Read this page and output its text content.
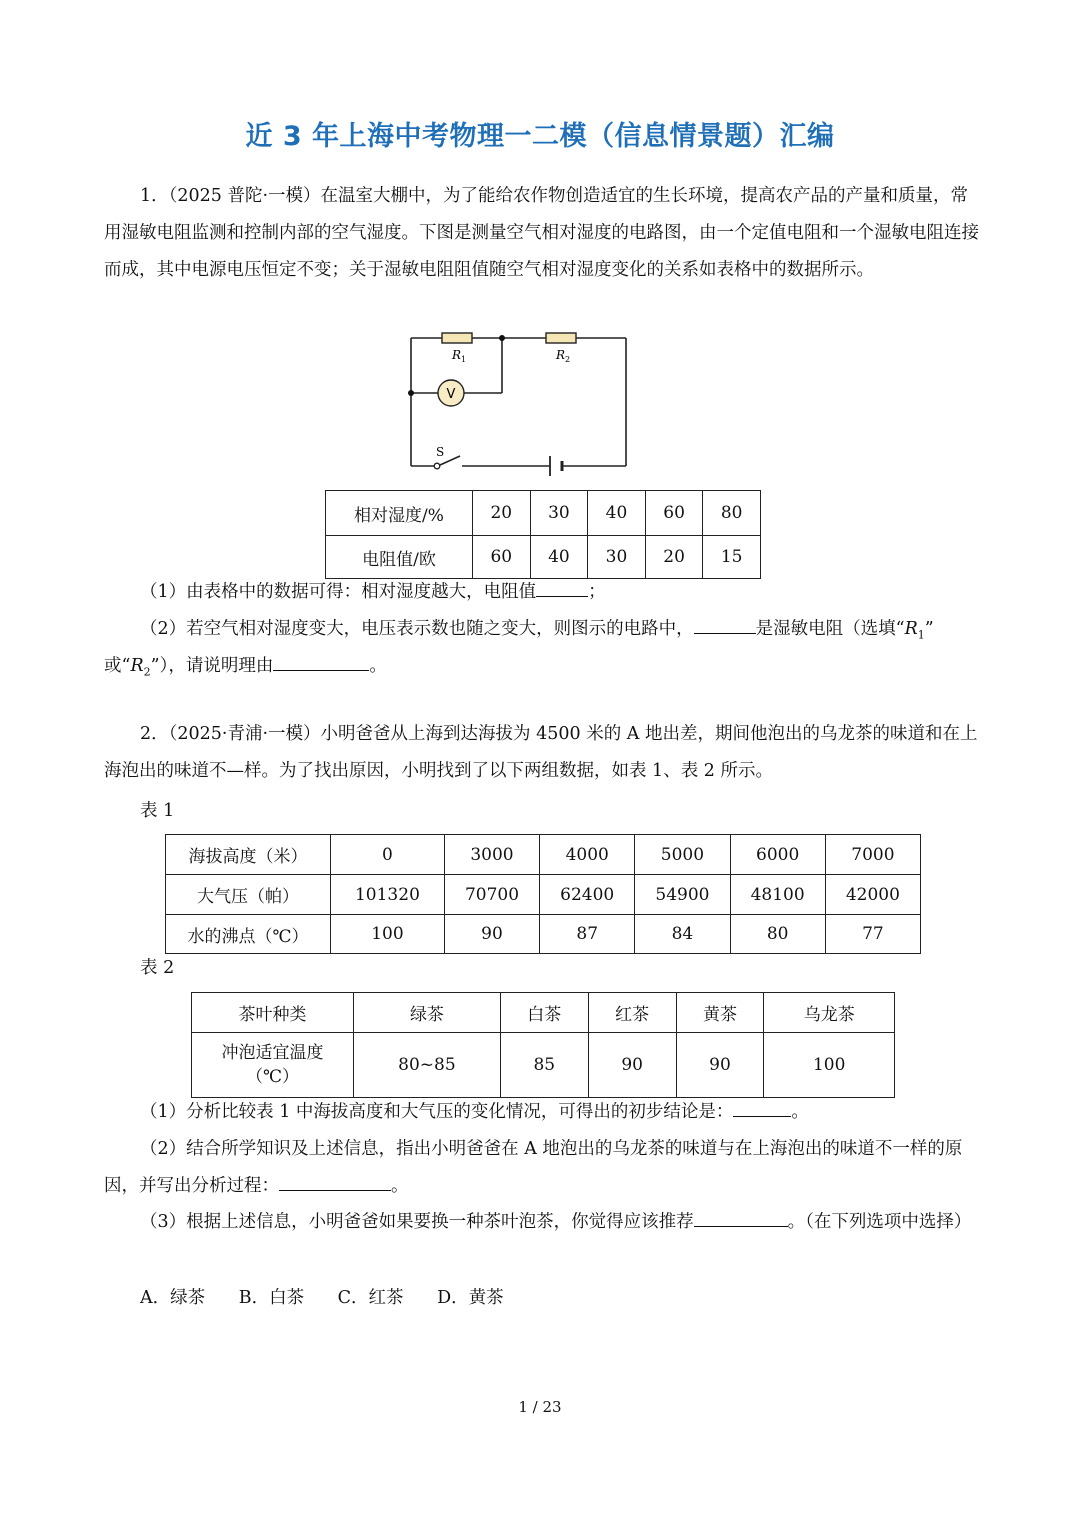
近 3 年上海中考物理一二模（信息情景题）汇编

1．（2025 普陀·一模）在温室大棚中，为了能给农作物创造适宜的生长环境，提高农产品的产量和质量，常用湿敏电阻监测和控制内部的空气湿度。下图是测量空气相对湿度的电路图，由一个定值电阻和一个湿敏电阻连接而成，其中电源电压恒定不变；关于湿敏电阻阻值随空气相对湿度变化的关系如表格中的数据所示。

$R_1$	$R_2$
V
S
相对湿度/%	20	30	40	60	80
电阻值/欧	60	40	30	20	15
（1）由表格中的数据可得：相对湿度越大，电阻值	；
（2）若空气相对湿度变大，电压表示数也随之变大，则图示的电路中，	是湿敏电阻（选填“$R_1$”
或“$R_2$”），请说明理由	。

2．（2025·青浦·一模）小明爸爸从上海到达海拔为 4500 米的 A 地出差，期间他泡出的乌龙茶的味道和在上海泡出的味道不—样。为了找出原因，小明找到了以下两组数据，如表 1、表 2 所示。

表 1
海拔高度（米）	0	3000	4000	5000	6000	7000
大气压（帕）	101320	70700	62400	54900	48100	42000
水的沸点（℃）	100	90	87	84	80	77
表 2
茶叶种类	绿茶	白茶	红茶	黄茶	乌龙茶

冲泡适宜温度
（℃）	80~85	85	90	90	100
（1）分析比较表 1 中海拔高度和大气压的变化情况，可得出的初步结论是：	。

（2）结合所学知识及上述信息，指出小明爸爸在 A 地泡出的乌龙茶的味道与在上海泡出的味道不一样的原因，并写出分析过程：	。

（3）根据上述信息，小明爸爸如果要换一种茶叶泡茶，你觉得应该推荐	。（在下列选项中选择）

A．绿茶 B．白茶 C．红茶 D．黄茶
1 / 23
